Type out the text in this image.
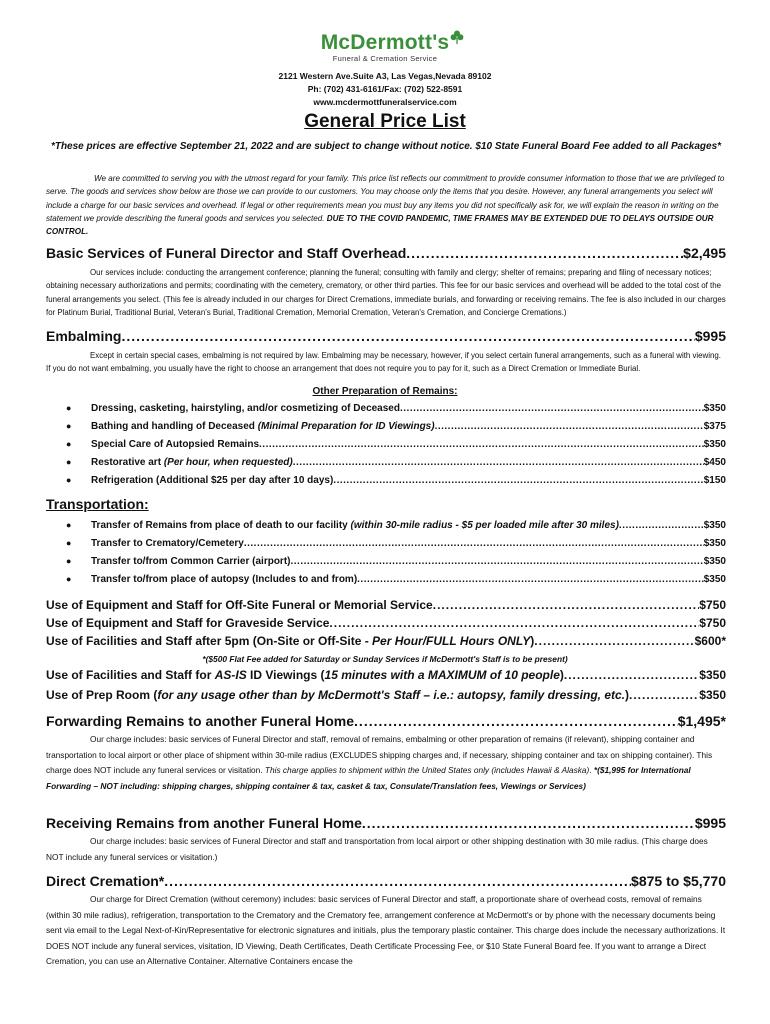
McDermott's
Funeral & Cremation Service
2121 Western Ave.Suite A3, Las Vegas,Nevada 89102
Ph: (702) 431-6161/Fax: (702) 522-8591
www.mcdermottfuneralservice.com
General Price List
*These prices are effective September 21, 2022 and are subject to change without notice. $10 State Funeral Board Fee added to all Packages*
We are committed to serving you with the utmost regard for your family. This price list reflects our commitment to provide consumer information to those that we are privileged to serve. The goods and services show below are those we can provide to our customers. You may choose only the items that you desire. However, any funeral arrangements you select will include a charge for our basic services and overhead. If legal or other requirements mean you must buy any items you did not specifically ask for, we will explain the reason in writing on the statement we provide describing the funeral goods and services you selected. DUE TO THE COVID PANDEMIC, TIME FRAMES MAY BE EXTENDED DUE TO DELAYS OUTSIDE OUR CONTROL.
Basic Services of Funeral Director and Staff Overhead .....	$2,495
Our services include: conducting the arrangement conference; planning the funeral; consulting with family and clergy; shelter of remains; preparing and filing of necessary notices; obtaining necessary authorizations and permits; coordinating with the cemetery, crematory, or other third parties. This fee for our basic services and overhead will be added to the total cost of the funeral arrangements you select. (This fee is already included in our charges for Direct Cremations, immediate burials, and forwarding or receiving remains. The fee is also included in our charges for Platinum Burial, Traditional Burial, Veteran's Burial, Traditional Cremation, Memorial Cremation, Veteran's Cremation, and Concierge Cremations.)
Embalming .....	$995
Except in certain special cases, embalming is not required by law. Embalming may be necessary, however, if you select certain funeral arrangements, such as a funeral with viewing. If you do not want embalming, you usually have the right to choose an arrangement that does not require you to pay for it, such as a Direct Cremation or Immediate Burial.
Other Preparation of Remains:
●	Dressing, casketing, hairstyling, and/or cosmetizing of Deceased .....	$350
●	Bathing and handling of Deceased (Minimal Preparation for ID Viewings) .....	$375
●	Special Care of Autopsied Remains .....	$350
●	Restorative art (Per hour, when requested) .....	$450
●	Refrigeration (Additional $25 per day after 10 days) .....	$150
Transportation:
●	Transfer of Remains from place of death to our facility (within 30-mile radius - $5 per loaded mile after 30 miles) .....	$350
●	Transfer to Crematory/Cemetery .....	$350
●	Transfer to/from Common Carrier (airport) .....	$350
●	Transfer to/from place of autopsy (Includes to and from) .....	$350
Use of Equipment and Staff for Off-Site Funeral or Memorial Service .....	$750
Use of Equipment and Staff for Graveside Service .....	$750
Use of Facilities and Staff after 5pm (On-Site or Off-Site - Per Hour/FULL Hours ONLY) .....	$600*
*($500 Flat Fee added for Saturday or Sunday Services if McDermott's Staff is to be present)
Use of Facilities and Staff for AS-IS ID Viewings (15 minutes with a MAXIMUM of 10 people) .....	$350
Use of Prep Room (for any usage other than by McDermott's Staff – i.e.: autopsy, family dressing, etc.) .....	$350
Forwarding Remains to another Funeral Home .....	$1,495*
Our charge includes: basic services of Funeral Director and staff, removal of remains, embalming or other preparation of remains (if relevant), shipping container and transportation to local airport or other place of shipment within 30-mile radius (EXCLUDES shipping charges and, if necessary, shipping container and tax on shipping container). This charge does NOT include any funeral services or visitation. This charge applies to shipment within the United States only (includes Hawaii & Alaska). *($1,995 for International Forwarding – NOT including: shipping charges, shipping container & tax, casket & tax, Consulate/Translation fees, Viewings or Services)
Receiving Remains from another Funeral Home .....	$995
Our charge includes: basic services of Funeral Director and staff and transportation from local airport or other shipping destination with 30 mile radius. (This charge does NOT include any funeral services or visitation.)
Direct Cremation* .....	$875 to $5,770
Our charge for Direct Cremation (without ceremony) includes: basic services of Funeral Director and staff, a proportionate share of overhead costs, removal of remains (within 30 mile radius), refrigeration, transportation to the Crematory and the Crematory fee, arrangement conference at McDermott's or by phone with the necessary documents being sent via email to the Legal Next-of-Kin/Representative for electronic signatures and initials, plus the temporary plastic container. This charge does include the necessary authorizations. It DOES NOT include any funeral services, visitation, ID Viewing, Death Certificates, Death Certificate Processing Fee, or $10 State Funeral Board fee. If you want to arrange a Direct Cremation, you can use an Alternative Container. Alternative Containers encase the
